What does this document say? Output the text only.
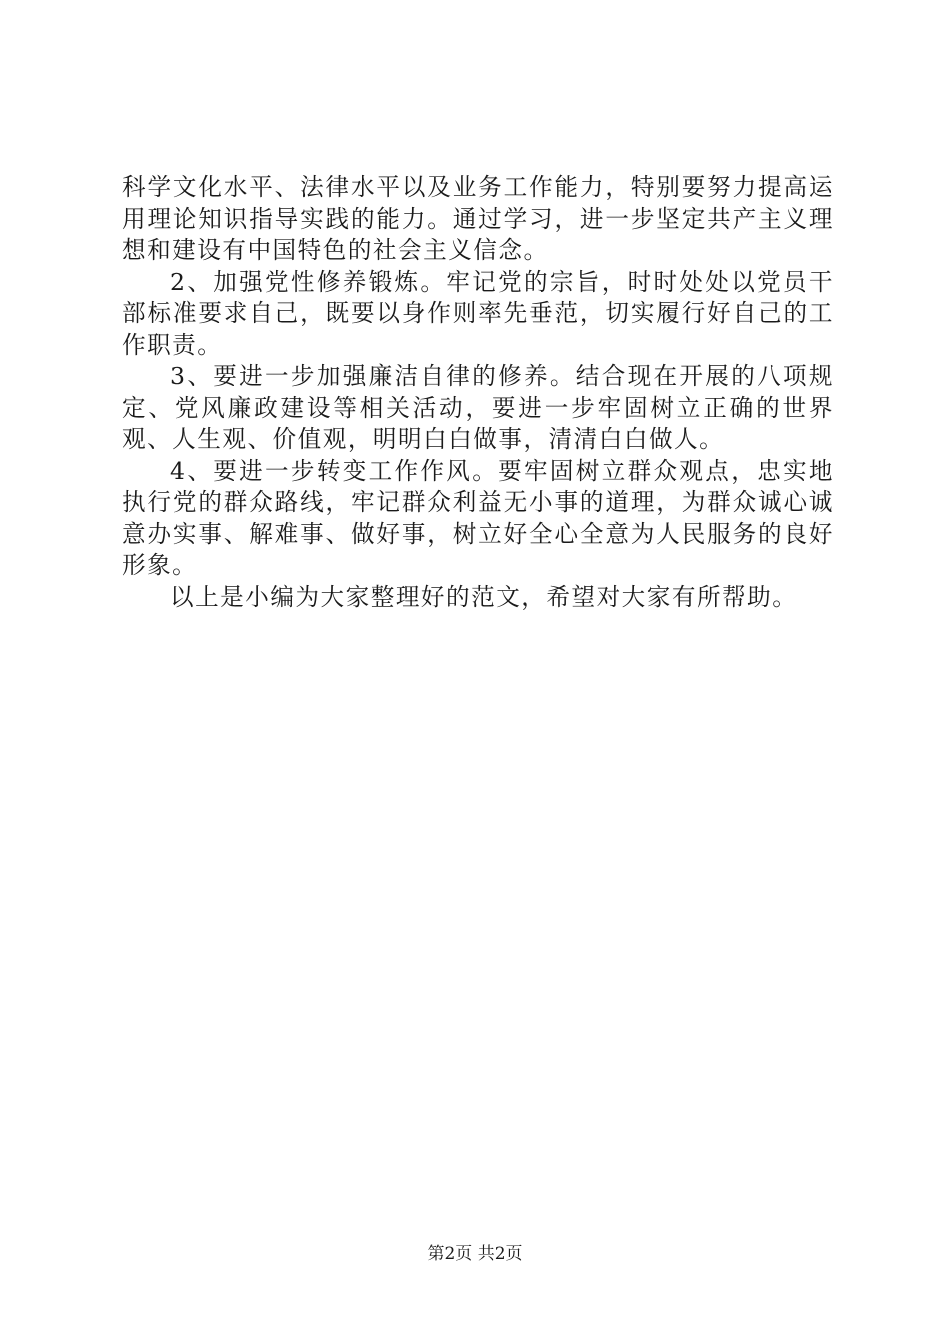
科学文化水平、法律水平以及业务工作能力，特别要努力提高运用理论知识指导实践的能力。通过学习，进一步坚定共产主义理想和建设有中国特色的社会主义信念。

2、加强党性修养锻炼。牢记党的宗旨，时时处处以党员干部标准要求自己，既要以身作则率先垂范，切实履行好自己的工作职责。

3、要进一步加强廉洁自律的修养。结合现在开展的八项规定、党风廉政建设等相关活动，要进一步牢固树立正确的世界观、人生观、价值观，明明白白做事，清清白白做人。

4、要进一步转变工作作风。要牢固树立群众观点，忠实地执行党的群众路线，牢记群众利益无小事的道理，为群众诚心诚意办实事、解难事、做好事，树立好全心全意为人民服务的良好形象。

以上是小编为大家整理好的范文，希望对大家有所帮助。

第2页 共2页
